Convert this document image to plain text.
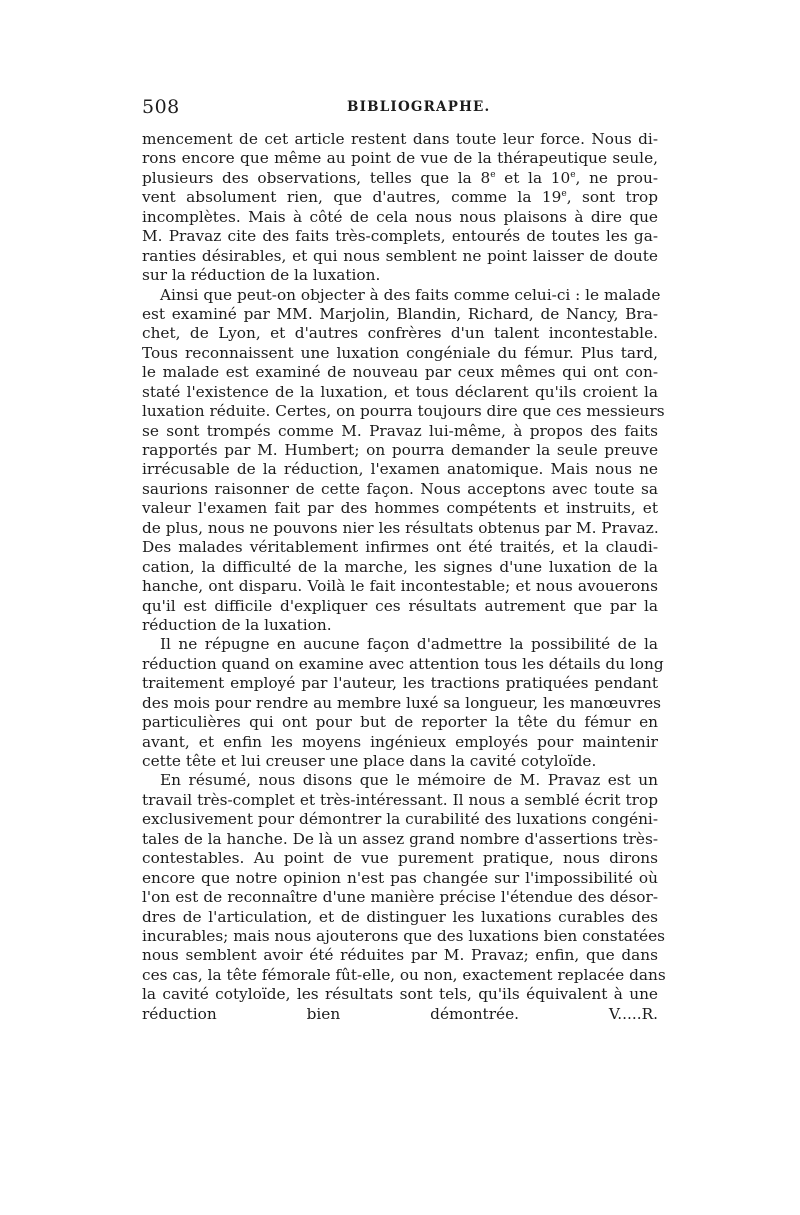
508	BIBLIOGRAPHE.
mencement de cet article restent dans toute leur force. Nous di-
rons encore que même au point de vue de la thérapeutique seule,
plusieurs des observations, telles que la 8e et la 10e, ne prou-
vent absolument rien, que d'autres, comme la 19e, sont trop
incomplètes. Mais à côté de cela nous nous plaisons à dire que
M. Pravaz cite des faits très-complets, entourés de toutes les ga-
ranties désirables, et qui nous semblent ne point laisser de doute
sur la réduction de la luxation.
Ainsi que peut-on objecter à des faits comme celui-ci : le malade
est examiné par MM. Marjolin, Blandin, Richard, de Nancy, Bra-
chet, de Lyon, et d'autres confrères d'un talent incontestable.
Tous reconnaissent une luxation congéniale du fémur. Plus tard,
le malade est examiné de nouveau par ceux mêmes qui ont con-
staté l'existence de la luxation, et tous déclarent qu'ils croient la
luxation réduite. Certes, on pourra toujours dire que ces messieurs
se sont trompés comme M. Pravaz lui-même, à propos des faits
rapportés par M. Humbert; on pourra demander la seule preuve
irrécusable de la réduction, l'examen anatomique. Mais nous ne
saurions raisonner de cette façon. Nous acceptons avec toute sa
valeur l'examen fait par des hommes compétents et instruits, et
de plus, nous ne pouvons nier les résultats obtenus par M. Pravaz.
Des malades véritablement infirmes ont été traités, et la claudi-
cation, la difficulté de la marche, les signes d'une luxation de la
hanche, ont disparu. Voilà le fait incontestable; et nous avouerons
qu'il est difficile d'expliquer ces résultats autrement que par la
réduction de la luxation.
Il ne répugne en aucune façon d'admettre la possibilité de la
réduction quand on examine avec attention tous les détails du long
traitement employé par l'auteur, les tractions pratiquées pendant
des mois pour rendre au membre luxé sa longueur, les manœuvres
particulières qui ont pour but de reporter la tête du fémur en
avant, et enfin les moyens ingénieux employés pour maintenir
cette tête et lui creuser une place dans la cavité cotyloïde.
En résumé, nous disons que le mémoire de M. Pravaz est un
travail très-complet et très-intéressant. Il nous a semblé écrit trop
exclusivement pour démontrer la curabilité des luxations congéni-
tales de la hanche. De là un assez grand nombre d'assertions très-
contestables. Au point de vue purement pratique, nous dirons
encore que notre opinion n'est pas changée sur l'impossibilité où
l'on est de reconnaître d'une manière précise l'étendue des désor-
dres de l'articulation, et de distinguer les luxations curables des
incurables; mais nous ajouterons que des luxations bien constatées
nous semblent avoir été réduites par M. Pravaz; enfin, que dans
ces cas, la tête fémorale fût-elle, ou non, exactement replacée dans
la cavité cotyloïde, les résultats sont tels, qu'ils équivalent à une
réduction bien démontrée. V.....R.
